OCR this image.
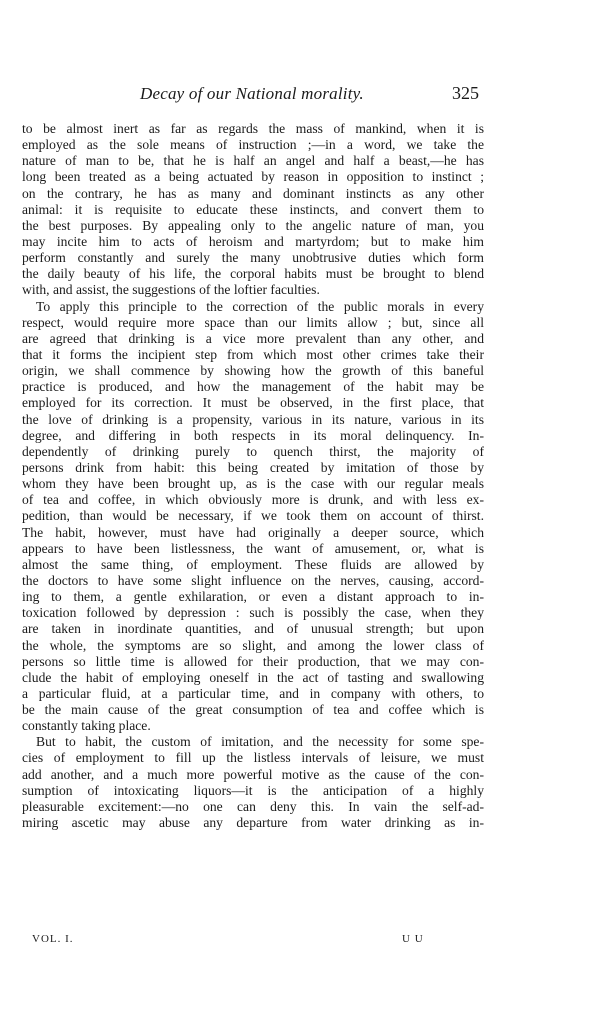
Decay of our National morality.	325
to be almost inert as far as regards the mass of mankind, when it is
employed as the sole means of instruction ;—in a word, we take the
nature of man to be, that he is half an angel and half a beast,—he has
long been treated as a being actuated by reason in opposition to instinct ;
on the contrary, he has as many and dominant instincts as any other
animal: it is requisite to educate these instincts, and convert them to
the best purposes. By appealing only to the angelic nature of man, you
may incite him to acts of heroism and martyrdom; but to make him
perform constantly and surely the many unobtrusive duties which form
the daily beauty of his life, the corporal habits must be brought to blend
with, and assist, the suggestions of the loftier faculties.
To apply this principle to the correction of the public morals in every
respect, would require more space than our limits allow ; but, since all
are agreed that drinking is a vice more prevalent than any other, and
that it forms the incipient step from which most other crimes take their
origin, we shall commence by showing how the growth of this baneful
practice is produced, and how the management of the habit may be
employed for its correction. It must be observed, in the first place, that
the love of drinking is a propensity, various in its nature, various in its
degree, and differing in both respects in its moral delinquency. In-
dependently of drinking purely to quench thirst, the majority of
persons drink from habit: this being created by imitation of those by
whom they have been brought up, as is the case with our regular meals
of tea and coffee, in which obviously more is drunk, and with less ex-
pedition, than would be necessary, if we took them on account of thirst.
The habit, however, must have had originally a deeper source, which
appears to have been listlessness, the want of amusement, or, what is
almost the same thing, of employment. These fluids are allowed by
the doctors to have some slight influence on the nerves, causing, accord-
ing to them, a gentle exhilaration, or even a distant approach to in-
toxication followed by depression : such is possibly the case, when they
are taken in inordinate quantities, and of unusual strength; but upon
the whole, the symptoms are so slight, and among the lower class of
persons so little time is allowed for their production, that we may con-
clude the habit of employing oneself in the act of tasting and swallowing
a particular fluid, at a particular time, and in company with others, to
be the main cause of the great consumption of tea and coffee which is
constantly taking place.
But to habit, the custom of imitation, and the necessity for some spe-
cies of employment to fill up the listless intervals of leisure, we must
add another, and a much more powerful motive as the cause of the con-
sumption of intoxicating liquors—it is the anticipation of a highly
pleasurable excitement:—no one can deny this. In vain the self-ad-
miring ascetic may abuse any departure from water drinking as in-
VOL. I.	U U
